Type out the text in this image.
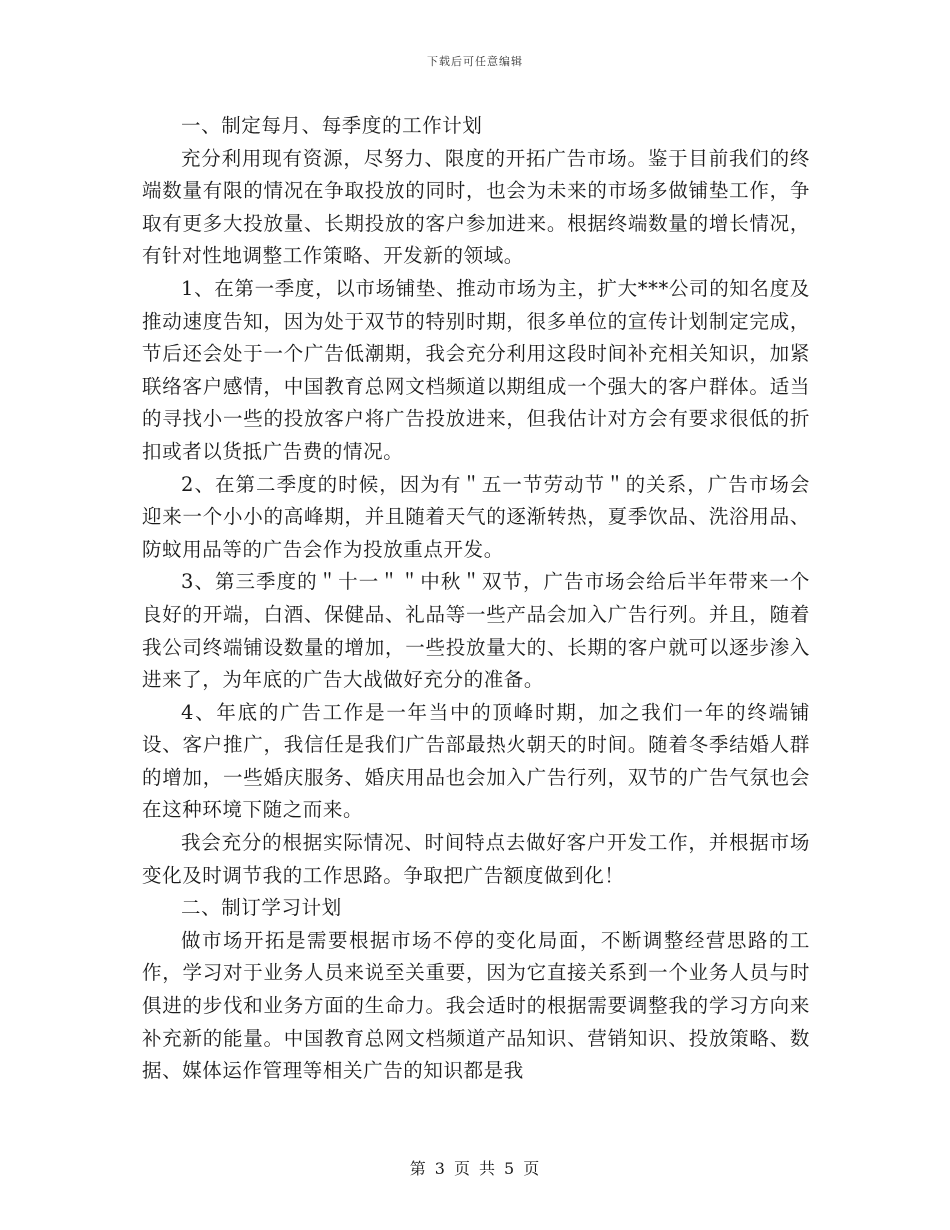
下载后可任意编辑

一、制定每月、每季度的工作计划

充分利用现有资源，尽努力、限度的开拓广告市场。鉴于目前我们的终端数量有限的情况在争取投放的同时，也会为未来的市场多做铺垫工作，争取有更多大投放量、长期投放的客户参加进来。根据终端数量的增长情况，有针对性地调整工作策略、开发新的领域。

1、在第一季度，以市场铺垫、推动市场为主，扩大***公司的知名度及推动速度告知，因为处于双节的特别时期，很多单位的宣传计划制定完成，节后还会处于一个广告低潮期，我会充分利用这段时间补充相关知识，加紧联络客户感情，中国教育总网文档频道以期组成一个强大的客户群体。适当的寻找小一些的投放客户将广告投放进来，但我估计对方会有要求很低的折扣或者以货抵广告费的情况。

2、在第二季度的时候，因为有＂五一节劳动节＂的关系，广告市场会迎来一个小小的高峰期，并且随着天气的逐渐转热，夏季饮品、洗浴用品、防蚊用品等的广告会作为投放重点开发。

3、第三季度的＂十一＂＂中秋＂双节，广告市场会给后半年带来一个良好的开端，白酒、保健品、礼品等一些产品会加入广告行列。并且，随着我公司终端铺设数量的增加，一些投放量大的、长期的客户就可以逐步渗入进来了，为年底的广告大战做好充分的准备。

4、年底的广告工作是一年当中的顶峰时期，加之我们一年的终端铺设、客户推广，我信任是我们广告部最热火朝天的时间。随着冬季结婚人群的增加，一些婚庆服务、婚庆用品也会加入广告行列，双节的广告气氛也会在这种环境下随之而来。

我会充分的根据实际情况、时间特点去做好客户开发工作，并根据市场变化及时调节我的工作思路。争取把广告额度做到化！

二、制订学习计划

做市场开拓是需要根据市场不停的变化局面，不断调整经营思路的工作，学习对于业务人员来说至关重要，因为它直接关系到一个业务人员与时俱进的步伐和业务方面的生命力。我会适时的根据需要调整我的学习方向来补充新的能量。中国教育总网文档频道产品知识、营销知识、投放策略、数据、媒体运作管理等相关广告的知识都是我

第 3 页 共 5 页
